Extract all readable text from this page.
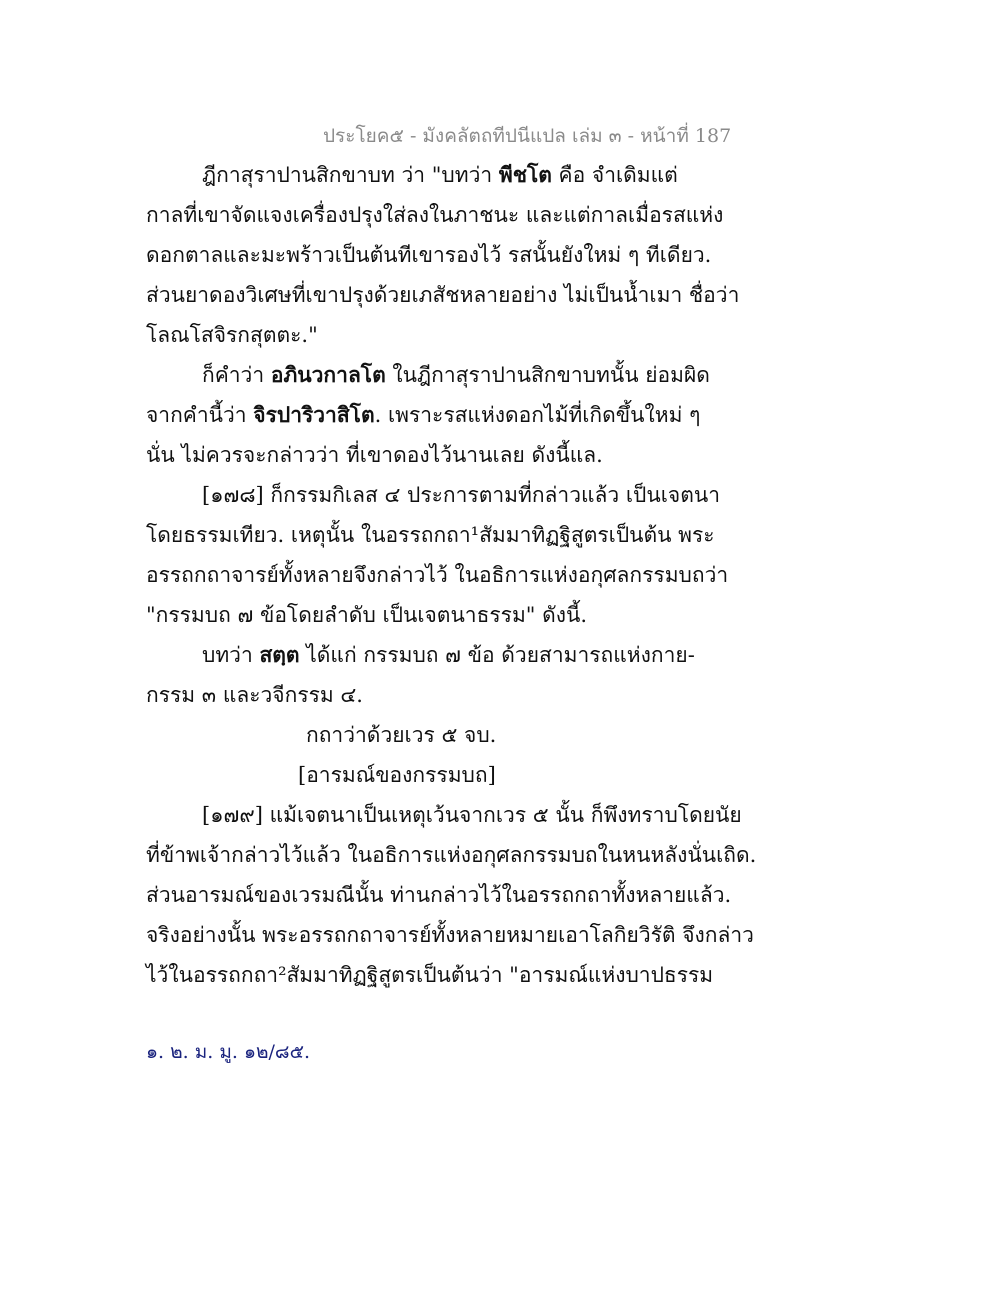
ประโยค๕ - มังคลัตถทีปนีแปล เล่ม ๓ - หน้าที่ 187
ฎีกาสุราปานสิกขาบท ว่า "บทว่า พีชโต คือ จำเดิมแต่
กาลที่เขาจัดแจงเครื่องปรุงใส่ลงในภาชนะ และแต่กาลเมื่อรสแห่ง
ดอกตาลและมะพร้าวเป็นต้นทีเขารองไว้ รสนั้นยังใหม่ ๆ ทีเดียว.
ส่วนยาดองวิเศษที่เขาปรุงด้วยเภสัชหลายอย่าง ไม่เป็นน้ำเมา ชื่อว่า
โลณโสจิรกสุตตะ."
ก็คำว่า อภินวกาลโต ในฎีกาสุราปานสิกขาบทนั้น ย่อมผิด
จากคำนี้ว่า จิรปาริวาสิโต. เพราะรสแห่งดอกไม้ที่เกิดขึ้นใหม่ ๆ
นั่น ไม่ควรจะกล่าวว่า ที่เขาดองไว้นานเลย ดังนี้แล.
[๑๗๘] ก็กรรมกิเลส ๔ ประการตามที่กล่าวแล้ว เป็นเจตนา
โดยธรรมเทียว. เหตุนั้น ในอรรถกถา¹สัมมาทิฏฐิสูตรเป็นต้น พระ
อรรถกถาจารย์ทั้งหลายจึงกล่าวไว้ ในอธิการแห่งอกุศลกรรมบถว่า
"กรรมบถ ๗ ข้อโดยลำดับ เป็นเจตนาธรรม" ดังนี้.
บทว่า สตฺต ได้แก่ กรรมบถ ๗ ข้อ ด้วยสามารถแห่งกาย-
กรรม ๓ และวจีกรรม ๔.
กถาว่าด้วยเวร ๕ จบ.
[อารมณ์ของกรรมบถ]
[๑๗๙] แม้เจตนาเป็นเหตุเว้นจากเวร ๕ นั้น ก็พึงทราบโดยนัย
ที่ข้าพเจ้ากล่าวไว้แล้ว ในอธิการแห่งอกุศลกรรมบถในหนหลังนั่นเถิด.
ส่วนอารมณ์ของเวรมณีนั้น ท่านกล่าวไว้ในอรรถกถาทั้งหลายแล้ว.
จริงอย่างนั้น พระอรรถกถาจารย์ทั้งหลายหมายเอาโลกิยวิรัติ จึงกล่าว
ไว้ในอรรถกถา²สัมมาทิฏฐิสูตรเป็นต้นว่า "อารมณ์แห่งบาปธรรม
๑. ๒. ม. มู. ๑๒/๘๕.
